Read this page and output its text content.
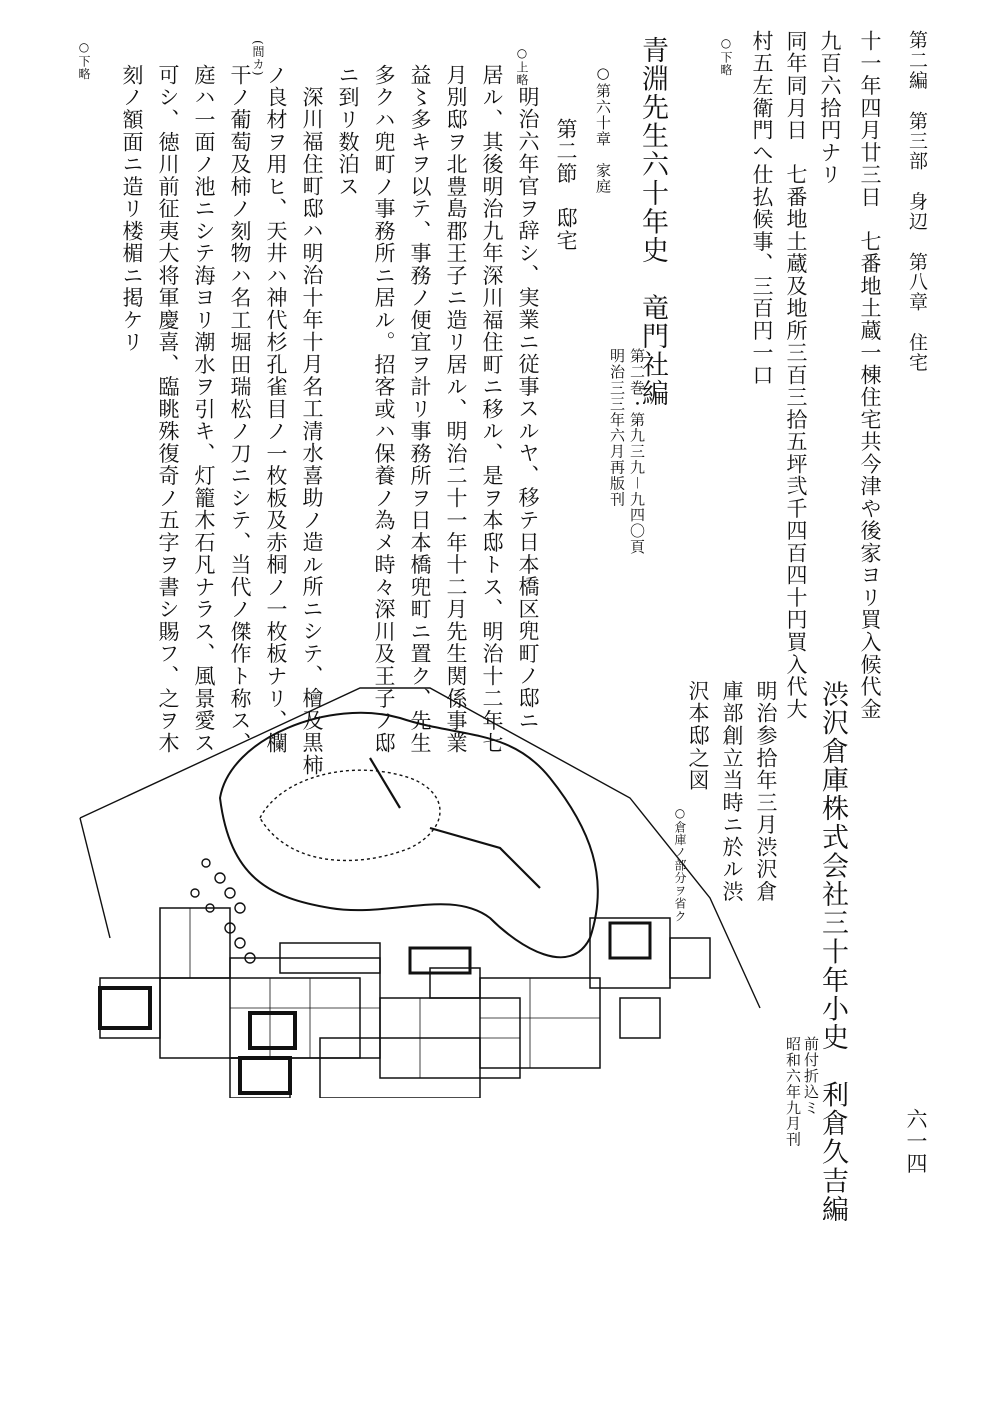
第二編　第三部　身辺　第八章　住宅
十一年四月廿三日　七番地土蔵一棟住宅共今津や後家ヨリ買入候代金
九百六拾円ナリ
同年同月日　七番地土蔵及地所三百三拾五坪弐千四百四十円買入代大
村五左衛門へ仕払候事、三百円一口
○下略
青淵先生六十年史　竜門社編
第二巻・第九三九－九四〇頁
明治三三年六月再版刊
○第六十章　家庭
第二節　邸宅
○上略
明治六年官ヲ辞シ、実業ニ従事スルヤ、移テ日本橋区兜町ノ邸ニ
居ル、其後明治九年深川福住町ニ移ル、是ヲ本邸トス、明治十二年七
月別邸ヲ北豊島郡王子ニ造リ居ル、明治二十一年十二月先生関係事業
益〻多キヲ以テ、事務ノ便宜ヲ計リ事務所ヲ日本橋兜町ニ置ク、先生
多クハ兜町ノ事務所ニ居ル。招客或ハ保養ノ為メ時々深川及王子ノ邸
ニ到リ数泊ス
深川福住町邸ハ明治十年十月名工清水喜助ノ造ル所ニシテ、檜及黒柿
ノ良材ヲ用ヒ、天井ハ神代杉孔雀目ノ一枚板及赤桐ノ一枚板ナリ、欄
干ノ葡萄及柿ノ刻物ハ名工堀田瑞松ノ刀ニシテ、当代ノ傑作ト称ス、
(間カ)
庭ハ一面ノ池ニシテ海ヨリ潮水ヲ引キ、灯籠木石凡ナラス、風景愛ス
可シ、徳川前征夷大将軍慶喜、臨眺殊復奇ノ五字ヲ書シ賜フ、之ヲ木
刻ノ額面ニ造リ楼楣ニ掲ケリ
○下略
渋沢倉庫株式会社三十年小史　利倉久吉編
前付折込ミ
昭和六年九月刊
明治参拾年三月渋沢倉
庫部創立当時ニ於ル渋
沢本邸之図
○倉庫ノ部分ヲ省ク
六一四
